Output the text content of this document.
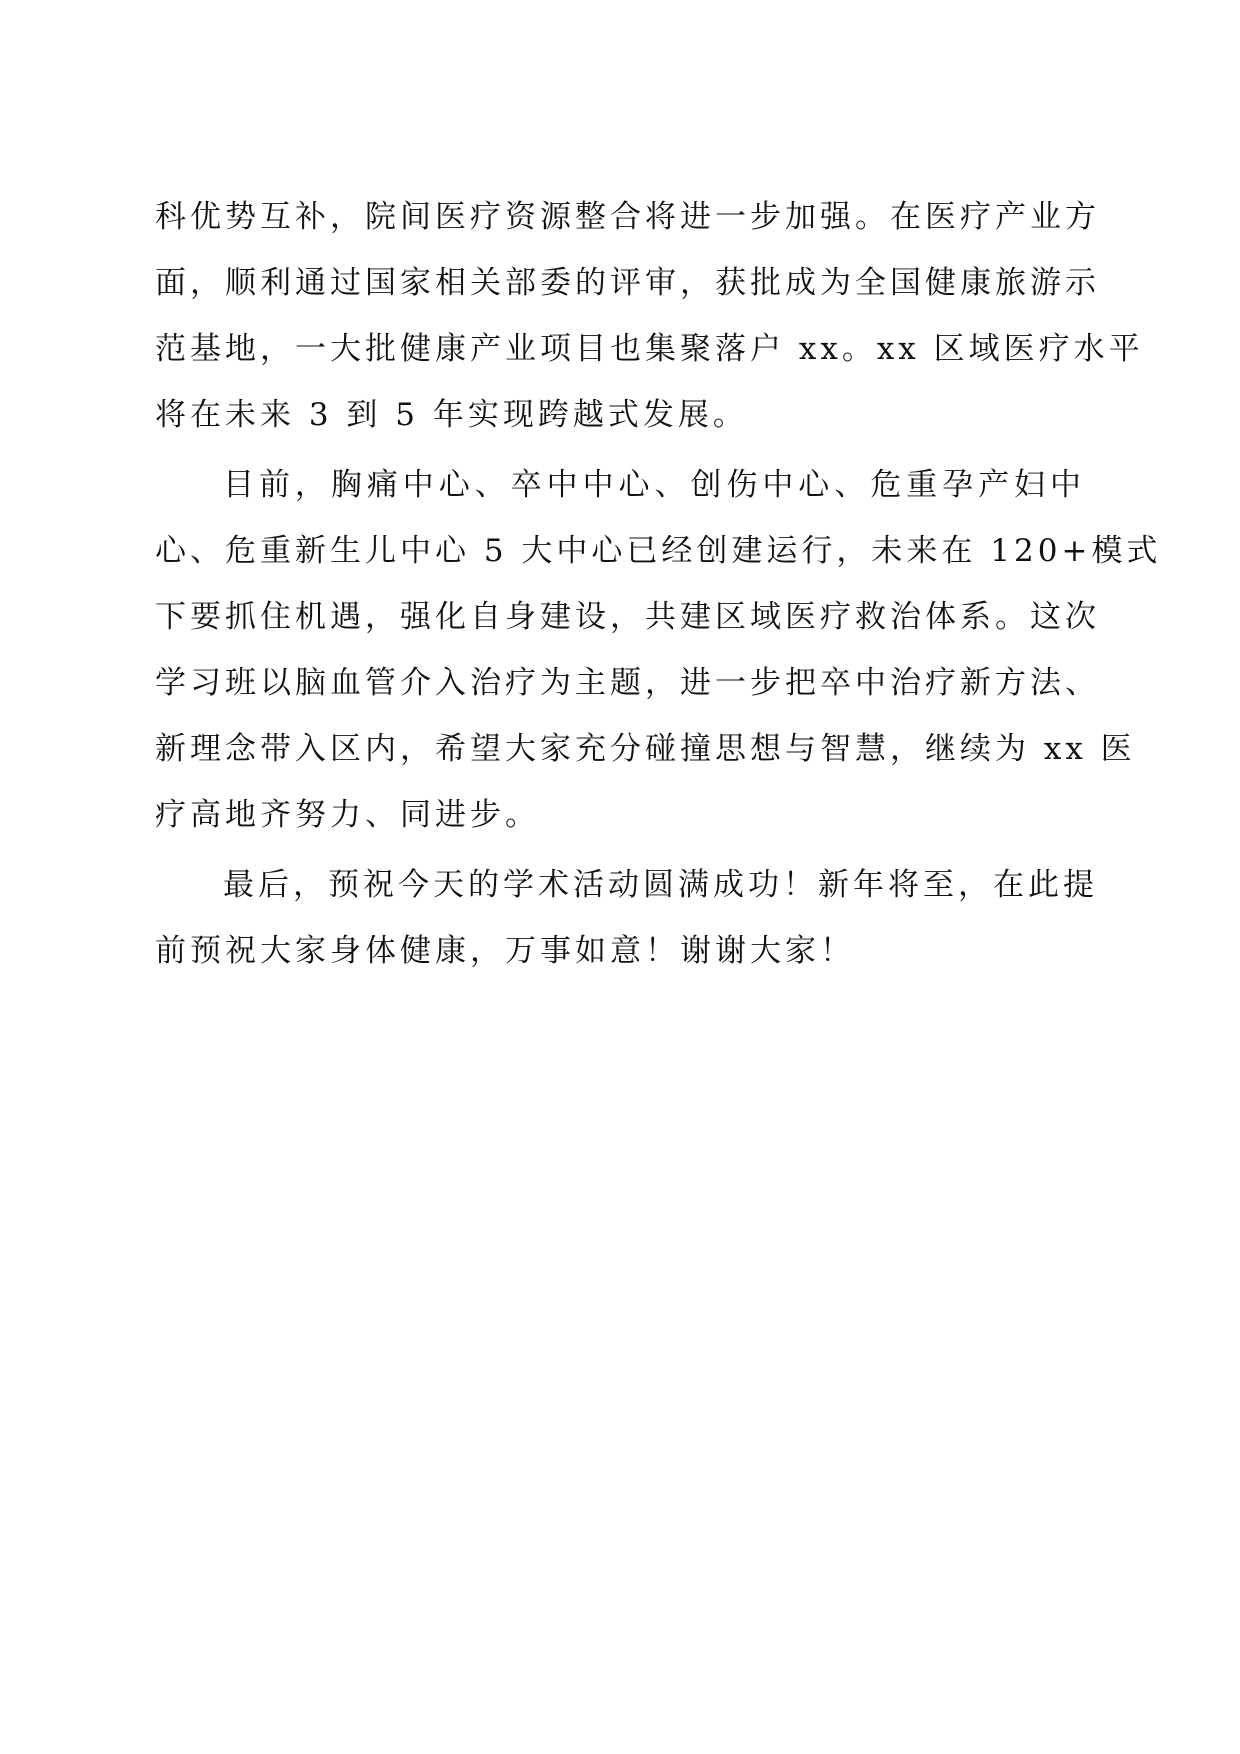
科优势互补，院间医疗资源整合将进一步加强。在医疗产业方
面，顺利通过国家相关部委的评审，获批成为全国健康旅游示
范基地，一大批健康产业项目也集聚落户 xx。xx 区域医疗水平
将在未来 3 到 5 年实现跨越式发展。
目前，胸痛中心、卒中中心、创伤中心、危重孕产妇中
心、危重新生儿中心 5 大中心已经创建运行，未来在 120+模式
下要抓住机遇，强化自身建设，共建区域医疗救治体系。这次
学习班以脑血管介入治疗为主题，进一步把卒中治疗新方法、
新理念带入区内，希望大家充分碰撞思想与智慧，继续为 xx 医
疗高地齐努力、同进步。
最后，预祝今天的学术活动圆满成功！新年将至，在此提
前预祝大家身体健康，万事如意！谢谢大家！
